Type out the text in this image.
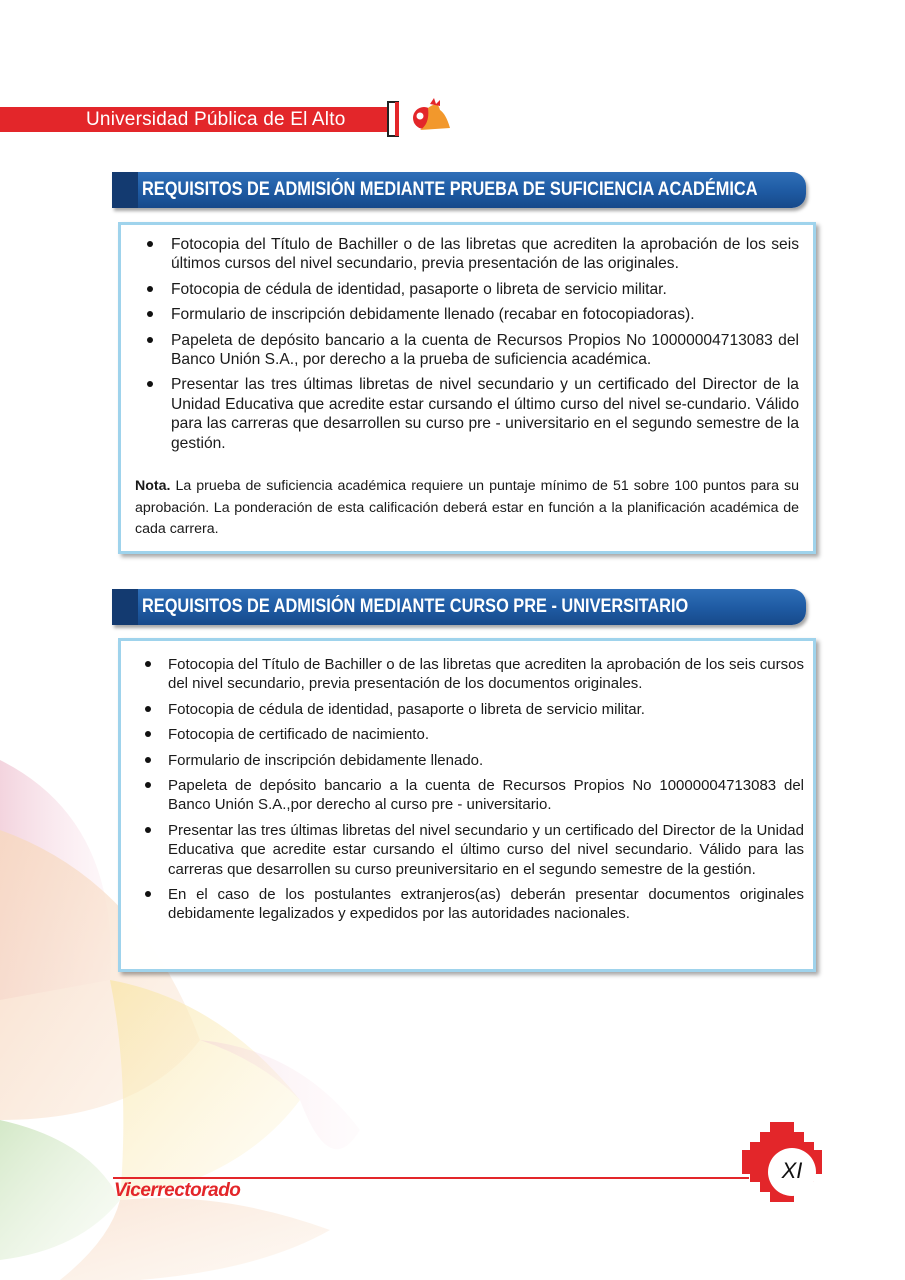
Universidad Pública de El Alto
REQUISITOS DE ADMISIÓN MEDIANTE PRUEBA DE SUFICIENCIA ACADÉMICA
Fotocopia del Título de Bachiller o de las libretas que acrediten la aprobación de los seis últimos cursos del nivel secundario, previa presentación de las originales.
Fotocopia de cédula de identidad, pasaporte o libreta de servicio militar.
Formulario de inscripción debidamente llenado (recabar en fotocopiadoras).
Papeleta de depósito bancario a la cuenta de Recursos Propios No 10000004713083 del Banco Unión S.A., por derecho a la prueba de suficiencia académica.
Presentar las tres últimas libretas de nivel secundario y un certificado del Director de la Unidad Educativa que acredite estar cursando el último curso del nivel se-cundario. Válido para las carreras que desarrollen su curso pre - universitario en el segundo semestre de la gestión.
Nota. La prueba de suficiencia académica requiere un puntaje mínimo de 51 sobre 100 puntos para su aprobación. La ponderación de esta calificación deberá estar en función a la planificación académica de cada carrera.
REQUISITOS DE ADMISIÓN MEDIANTE CURSO PRE - UNIVERSITARIO
Fotocopia del Título de Bachiller o de las libretas que acrediten la aprobación de los seis cursos del nivel secundario, previa presentación de los documentos originales.
Fotocopia de cédula de identidad, pasaporte o libreta de servicio militar.
Fotocopia de certificado de nacimiento.
Formulario de inscripción debidamente llenado.
Papeleta de depósito bancario a la cuenta de Recursos Propios No 10000004713083 del Banco Unión S.A.,por derecho al curso pre - universitario.
Presentar las tres últimas libretas del nivel secundario y un certificado del Director de la Unidad Educativa que acredite estar cursando el último curso del nivel secundario. Válido para las carreras que desarrollen su curso preuniversitario en el segundo semestre de la gestión.
En el caso de los postulantes extranjeros(as) deberán presentar documentos originales debidamente legalizados y expedidos por las autoridades nacionales.
Vicerrectorado
XI
